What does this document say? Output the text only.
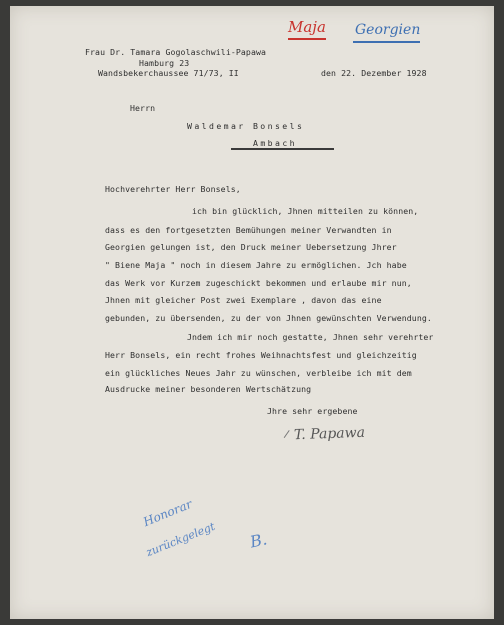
Maja Georgien
Frau Dr. Tamara Gogolaschwili-Papawa
Hamburg 23
Wandsbekerchaussee 71/73, II	den 22. Dezember 1928
Herrn
Waldemar Bonsels
Ambach
Hochverehrter Herr Bonsels,
ich bin glücklich, Jhnen mitteilen zu können,
dass es den fortgesetzten Bemühungen meiner Verwandten in
Georgien gelungen ist, den Druck meiner Uebersetzung Jhrer
" Biene Maja " noch in diesem Jahre zu ermöglichen. Jch habe
das Werk vor Kurzem zugeschickt bekommen und erlaube mir nun,
Jhnen mit gleicher Post zwei Exemplare , davon das eine
gebunden, zu übersenden, zu der von Jhnen gewünschten Verwendung.
Jndem ich mir noch gestatte, Jhnen sehr verehrter
Herr Bonsels, ein recht frohes Weihnachtsfest und gleichzeitig
ein glückliches Neues Jahr zu wünschen, verbleibe ich mit dem
Ausdrucke meiner besonderen Wertschätzung
Jhre sehr ergebene
T. Papawa
Honorar
zurückgelegt B.
